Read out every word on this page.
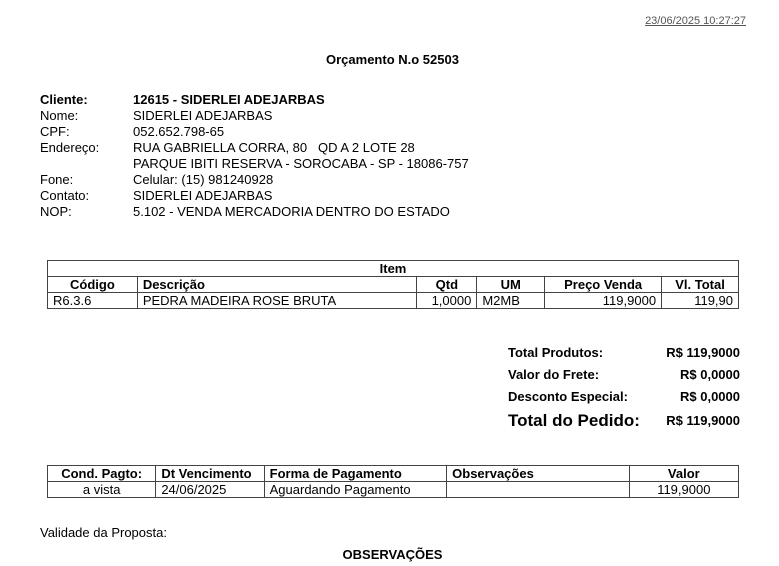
23/06/2025 10:27:27
Orçamento N.o 52503
Cliente:	12615 - SIDERLEI ADEJARBAS
Nome:	SIDERLEI ADEJARBAS
CPF:	052.652.798-65
Endereço:	RUA GABRIELLA CORRA, 80   QD A 2 LOTE 28
PARQUE IBITI RESERVA - SOROCABA - SP - 18086-757
Fone:	Celular: (15) 981240928
Contato:	SIDERLEI ADEJARBAS
NOP:	5.102 - VENDA MERCADORIA DENTRO DO ESTADO
Item					
Código	Descrição	Qtd	UM	Preço Venda	Vl. Total
R6.3.6	PEDRA MADEIRA ROSE BRUTA	1,0000	M2MB	119,9000	119,90
Total Produtos:	R$ 119,9000
Valor do Frete:	R$ 0,0000
Desconto Especial:	R$ 0,0000
Total do Pedido: R$ 119,9000
Cond. Pagto:	Dt Vencimento	Forma de Pagamento	Observações	Valor
a vista	24/06/2025	Aguardando Pagamento		119,9000
Validade da Proposta:
OBSERVAÇÕES
